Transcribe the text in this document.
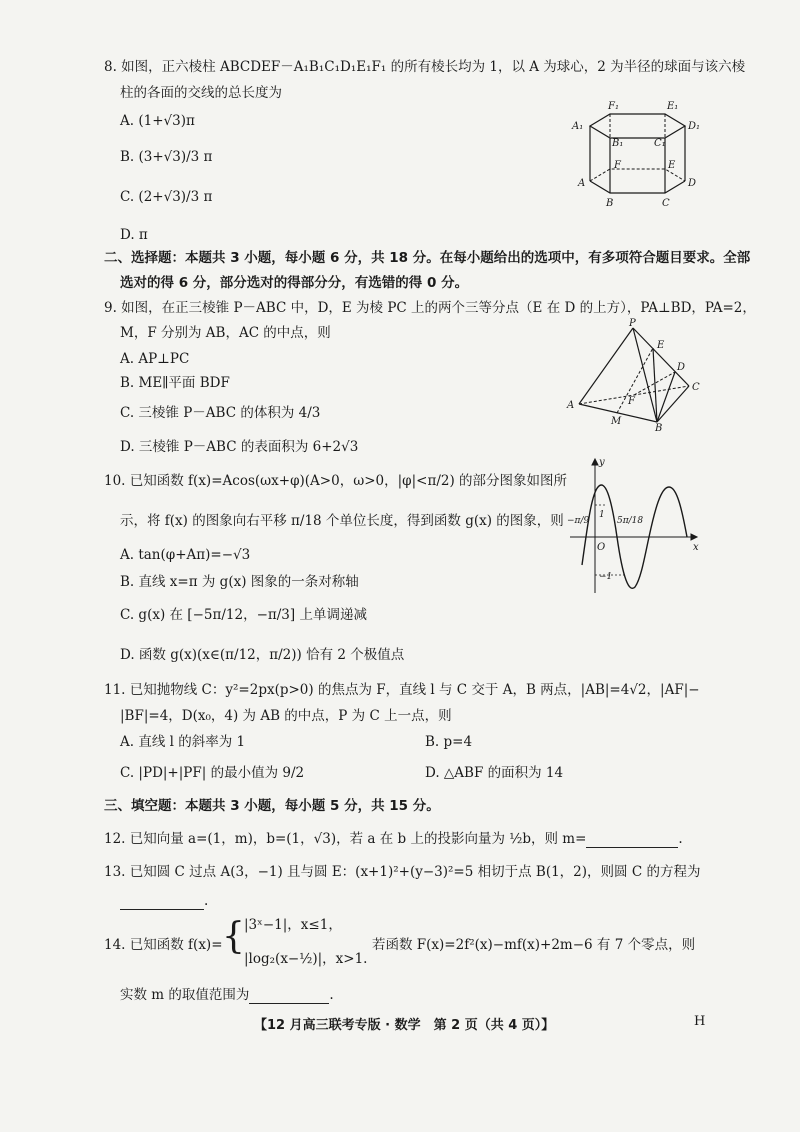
8. 如图，正六棱柱 ABCDEF－A₁B₁C₁D₁E₁F₁ 的所有棱长均为 1，以 A 为球心，2 为半径的球面与该六棱
柱的各面的交线的总长度为
A. (1+√3)π
B. (3+√3)/3 π
C. (2+√3)/3 π
D. π
F₁	E₁
A₁	D₁
B₁	C₁
F	E
A	D
B	C
二、选择题：本题共 3 小题，每小题 6 分，共 18 分。在每小题给出的选项中，有多项符合题目要求。全部
选对的得 6 分，部分选对的得部分分，有选错的得 0 分。
9. 如图，在正三棱锥 P－ABC 中，D，E 为棱 PC 上的两个三等分点（E 在 D 的上方），PA⊥BD，PA=2，
M，F 分别为 AB，AC 的中点，则
A. AP⊥PC
B. ME∥平面 BDF
C. 三棱锥 P－ABC 的体积为 4/3
D. 三棱锥 P－ABC 的表面积为 6+2√3
P
E
D
C
A	F
M
B
10. 已知函数 f(x)=Acos(ωx+φ)(A>0，ω>0，|φ|<π/2) 的部分图象如图所
示，将 f(x) 的图象向右平移 π/18 个单位长度，得到函数 g(x) 的图象，则
A. tan(φ+Aπ)=−√3
B. 直线 x=π 为 g(x) 图象的一条对称轴
C. g(x) 在 [−5π/12，−π/3] 上单调递减
D. 函数 g(x)(x∈(π/12，π/2)) 恰有 2 个极值点
y
−π/9
1
5π/18
O	x
−1
11. 已知抛物线 C：y²=2px(p>0) 的焦点为 F，直线 l 与 C 交于 A，B 两点，|AB|=4√2，|AF|−
|BF|=4，D(x₀，4) 为 AB 的中点，P 为 C 上一点，则
A. 直线 l 的斜率为 1	B. p=4
C. |PD|+|PF| 的最小值为 9/2	D. △ABF 的面积为 14
三、填空题：本题共 3 小题，每小题 5 分，共 15 分。
12. 已知向量 a=(1，m)，b=(1，√3)，若 a 在 b 上的投影向量为 ½b，则 m=	.
13. 已知圆 C 过点 A(3，−1) 且与圆 E：(x+1)²+(y−3)²=5 相切于点 B(1，2)，则圆 C 的方程为
.
14. 已知函数 f(x)= { |3ˣ−1|，x≤1，
|log₂(x−½)|，x>1.
若函数 F(x)=2f²(x)−mf(x)+2m−6 有 7 个零点，则
实数 m 的取值范围为	.
【12 月高三联考专版 · 数学　第 2 页（共 4 页）】	H
